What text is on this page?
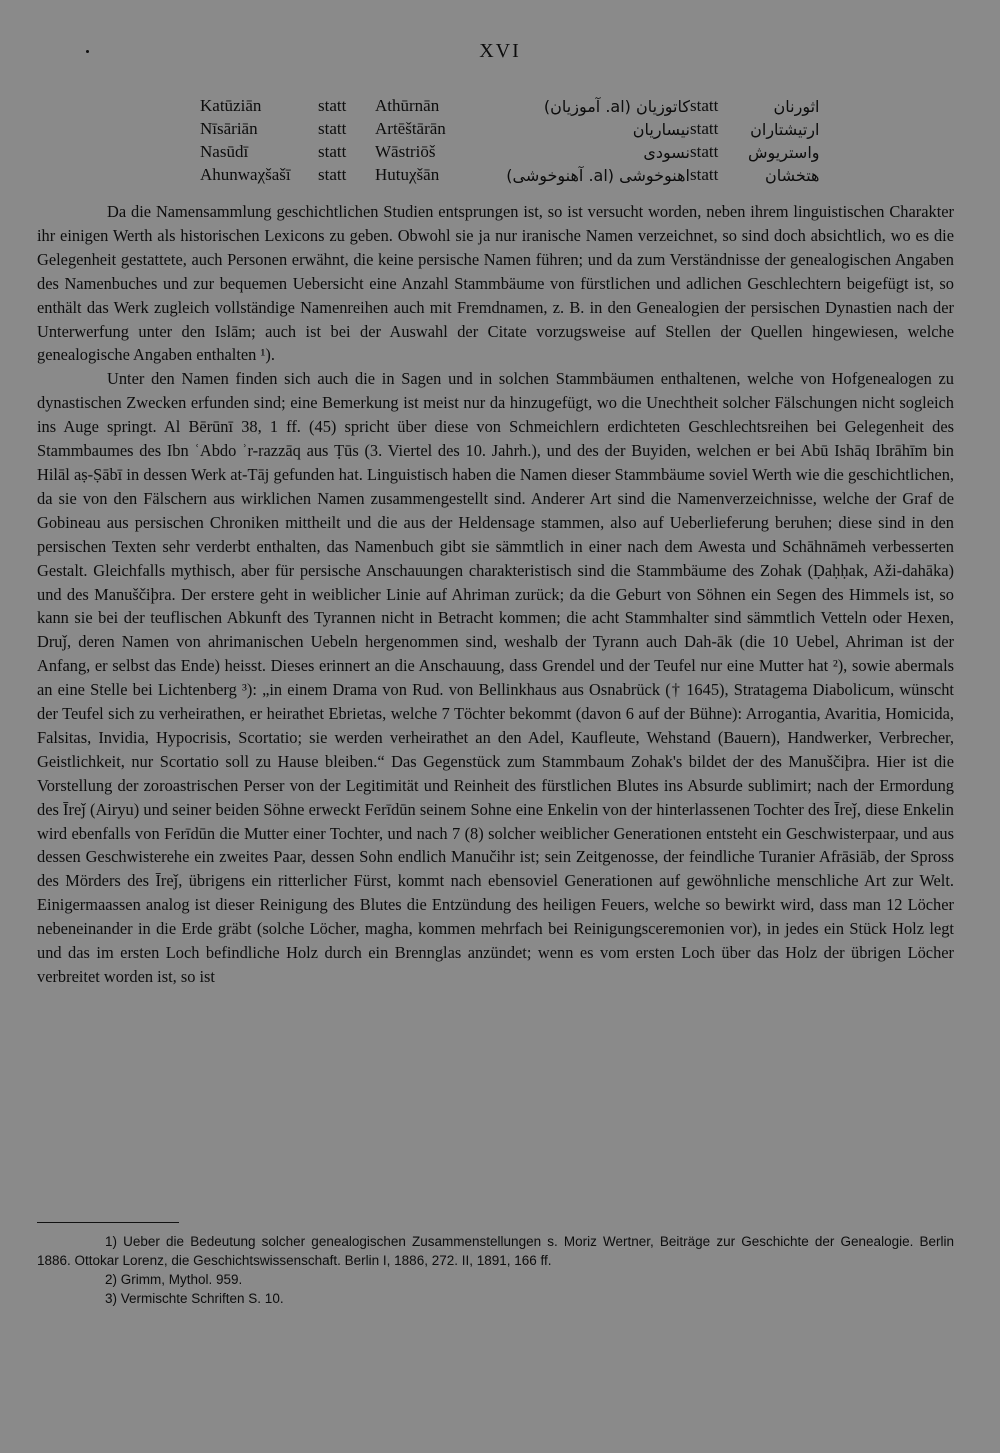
XVI
Katūziān	statt	Athūrnān	كاتوزيان (al. آموزيان)	statt	اثورنان
Nīsāriān	statt	Artēštārān	نيساريان	statt	ارتيشتاران
Nasūdī	statt	Wāstriōš	نسودى	statt	واستريوش
Ahunwaχšašī	statt	Hutuχšān	اهنوخوشى (al. آهنوخوشى)	statt	هتخشان

Da die Namensammlung geschichtlichen Studien entsprungen ist, so ist versucht worden, neben ihrem linguistischen Charakter ihr einigen Werth als historischen Lexicons zu geben. Obwohl sie ja nur iranische Namen verzeichnet, so sind doch absichtlich, wo es die Gelegenheit gestattete, auch Personen erwähnt, die keine persische Namen führen; und da zum Verständnisse der genealogischen Angaben des Namenbuches und zur bequemen Uebersicht eine Anzahl Stammbäume von fürstlichen und adlichen Geschlechtern beigefügt ist, so enthält das Werk zugleich vollständige Namenreihen auch mit Fremdnamen, z. B. in den Genealogien der persischen Dynastien nach der Unterwerfung unter den Islām; auch ist bei der Auswahl der Citate vorzugsweise auf Stellen der Quellen hingewiesen, welche genealogische Angaben enthalten ¹).

Unter den Namen finden sich auch die in Sagen und in solchen Stammbäumen enthaltenen, welche von Hofgenealogen zu dynastischen Zwecken erfunden sind; eine Bemerkung ist meist nur da hinzugefügt, wo die Unechtheit solcher Fälschungen nicht sogleich ins Auge springt. Al Bērūnī 38, 1 ff. (45) spricht über diese von Schmeichlern erdichteten Geschlechtsreihen bei Gelegenheit des Stammbaumes des Ibn ʿAbdo ʾr-razzāq aus Ṭūs (3. Viertel des 10. Jahrh.), und des der Buyiden, welchen er bei Abū Ishāq Ibrāhīm bin Hilāl aṣ-Ṣābī in dessen Werk at-Tāj gefunden hat. Linguistisch haben die Namen dieser Stammbäume soviel Werth wie die geschichtlichen, da sie von den Fälschern aus wirklichen Namen zusammengestellt sind. Anderer Art sind die Namenverzeichnisse, welche der Graf de Gobineau aus persischen Chroniken mittheilt und die aus der Heldensage stammen, also auf Ueberlieferung beruhen; diese sind in den persischen Texten sehr verderbt enthalten, das Namenbuch gibt sie sämmtlich in einer nach dem Awesta und Schāhnāmeh verbesserten Gestalt. Gleichfalls mythisch, aber für persische Anschauungen charakteristisch sind die Stammbäume des Zohak (Ḍaḥḥak, Aži-dahāka) und des Manuščiþra. Der erstere geht in weiblicher Linie auf Ahriman zurück; da die Geburt von Söhnen ein Segen des Himmels ist, so kann sie bei der teuflischen Abkunft des Tyrannen nicht in Betracht kommen; die acht Stammhalter sind sämmtlich Vetteln oder Hexen, Druǰ, deren Namen von ahrimanischen Uebeln hergenommen sind, weshalb der Tyrann auch Dah-āk (die 10 Uebel, Ahriman ist der Anfang, er selbst das Ende) heisst. Dieses erinnert an die Anschauung, dass Grendel und der Teufel nur eine Mutter hat ²), sowie abermals an eine Stelle bei Lichtenberg ³): „in einem Drama von Rud. von Bellinkhaus aus Osnabrück († 1645), Stratagema Diabolicum, wünscht der Teufel sich zu verheirathen, er heirathet Ebrietas, welche 7 Töchter bekommt (davon 6 auf der Bühne): Arrogantia, Avaritia, Homicida, Falsitas, Invidia, Hypocrisis, Scortatio; sie werden verheirathet an den Adel, Kaufleute, Wehstand (Bauern), Handwerker, Verbrecher, Geistlichkeit, nur Scortatio soll zu Hause bleiben.“ Das Gegenstück zum Stammbaum Zohak's bildet der des Manuščiþra. Hier ist die Vorstellung der zoroastrischen Perser von der Legitimität und Reinheit des fürstlichen Blutes ins Absurde sublimirt; nach der Ermordung des Īreǰ (Airyu) und seiner beiden Söhne erweckt Ferīdūn seinem Sohne eine Enkelin von der hinterlassenen Tochter des Īreǰ, diese Enkelin wird ebenfalls von Ferīdūn die Mutter einer Tochter, und nach 7 (8) solcher weiblicher Generationen entsteht ein Geschwisterpaar, und aus dessen Geschwisterehe ein zweites Paar, dessen Sohn endlich Manučihr ist; sein Zeitgenosse, der feindliche Turanier Afrāsiāb, der Spross des Mörders des Īreǰ, übrigens ein ritterlicher Fürst, kommt nach ebensoviel Generationen auf gewöhnliche menschliche Art zur Welt. Einigermaassen analog ist dieser Reinigung des Blutes die Entzündung des heiligen Feuers, welche so bewirkt wird, dass man 12 Löcher nebeneinander in die Erde gräbt (solche Löcher, magha, kommen mehrfach bei Reinigungsceremonien vor), in jedes ein Stück Holz legt und das im ersten Loch befindliche Holz durch ein Brennglas anzündet; wenn es vom ersten Loch über das Holz der übrigen Löcher verbreitet worden ist, so ist

1) Ueber die Bedeutung solcher genealogischen Zusammenstellungen s. Moriz Wertner, Beiträge zur Geschichte der Genealogie. Berlin 1886. Ottokar Lorenz, die Geschichtswissenschaft. Berlin I, 1886, 272. II, 1891, 166 ff.

2) Grimm, Mythol. 959.

3) Vermischte Schriften S. 10.
